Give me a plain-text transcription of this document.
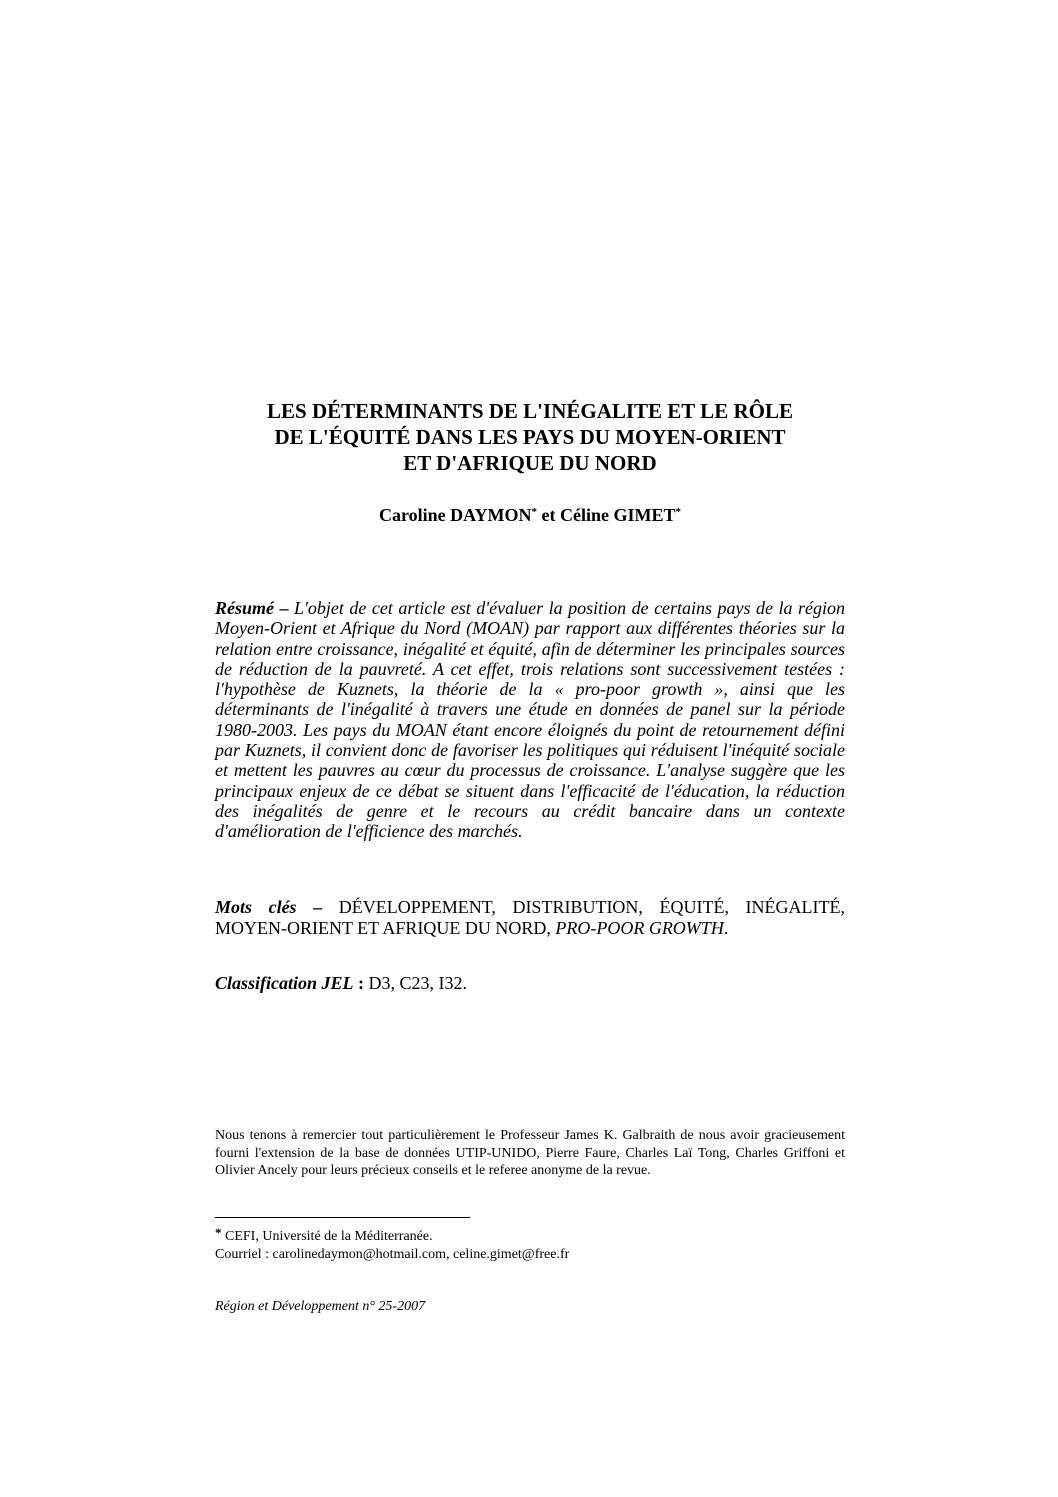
LES DÉTERMINANTS DE L'INÉGALITE ET LE RÔLE
DE L'ÉQUITÉ DANS LES PAYS DU MOYEN-ORIENT
ET D'AFRIQUE DU NORD
Caroline DAYMON* et Céline GIMET*
Résumé – L'objet de cet article est d'évaluer la position de certains pays de la région Moyen-Orient et Afrique du Nord (MOAN) par rapport aux différentes théories sur la relation entre croissance, inégalité et équité, afin de déterminer les principales sources de réduction de la pauvreté. A cet effet, trois relations sont successivement testées : l'hypothèse de Kuznets, la théorie de la « pro-poor growth », ainsi que les déterminants de l'inégalité à travers une étude en données de panel sur la période 1980-2003. Les pays du MOAN étant encore éloignés du point de retournement défini par Kuznets, il convient donc de favoriser les politiques qui réduisent l'inéquité sociale et mettent les pauvres au cœur du processus de croissance. L'analyse suggère que les principaux enjeux de ce débat se situent dans l'efficacité de l'éducation, la réduction des inégalités de genre et le recours au crédit bancaire dans un contexte d'amélioration de l'efficience des marchés.
Mots clés – DÉVELOPPEMENT, DISTRIBUTION, ÉQUITÉ, INÉGALITÉ, MOYEN-ORIENT ET AFRIQUE DU NORD, PRO-POOR GROWTH.
Classification JEL : D3, C23, I32.
Nous tenons à remercier tout particulièrement le Professeur James K. Galbraith de nous avoir gracieusement fourni l'extension de la base de données UTIP-UNIDO, Pierre Faure, Charles Laï Tong, Charles Griffoni et Olivier Ancely pour leurs précieux conseils et le referee anonyme de la revue.
* CEFI, Université de la Méditerranée.
Courriel : carolinedaymon@hotmail.com, celine.gimet@free.fr
Région et Développement n° 25-2007
